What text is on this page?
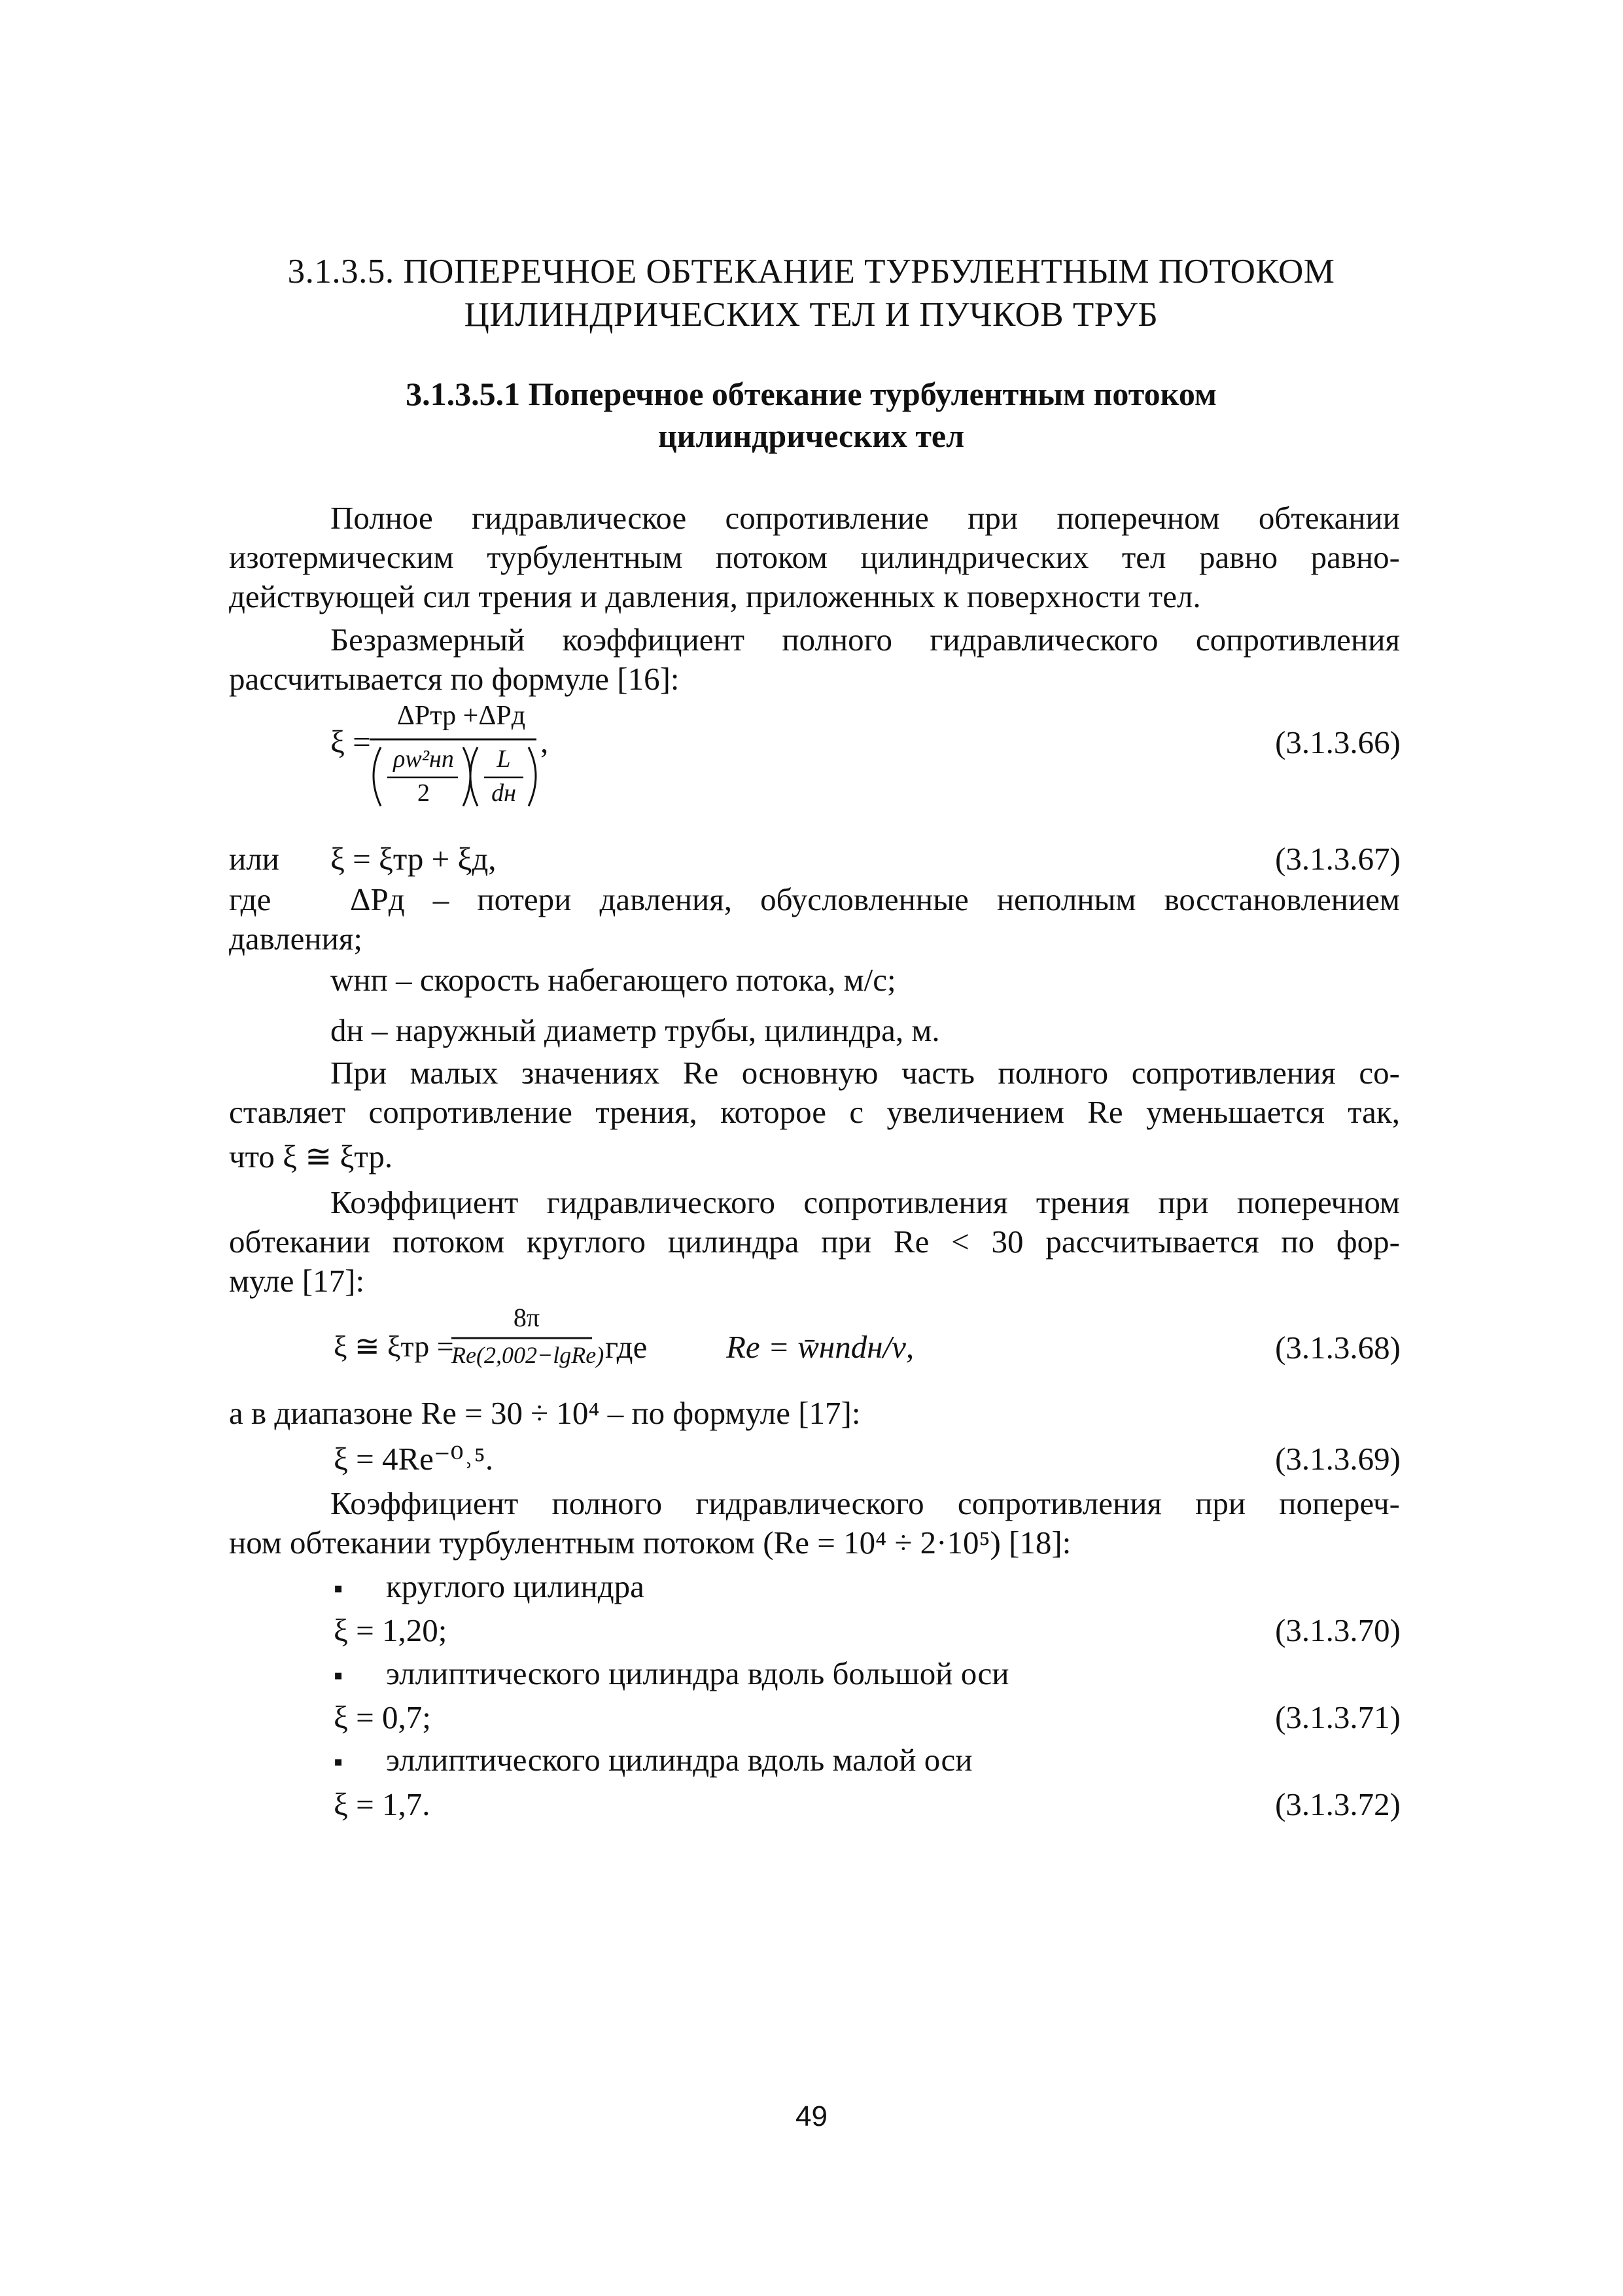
3.1.3.5. ПОПЕРЕЧНОЕ ОБТЕКАНИЕ ТУРБУЛЕНТНЫМ ПОТОКОМ
ЦИЛИНДРИЧЕСКИХ ТЕЛ И ПУЧКОВ ТРУБ
3.1.3.5.1 Поперечное обтекание турбулентным потоком
цилиндрических тел
Полное гидравлическое сопротивление при поперечном обтекании
изотермическим турбулентным потоком цилиндрических тел равно равно-
действующей сил трения и давления, приложенных к поверхности тел.
Безразмерный коэффициент полного гидравлического сопротивления
рассчитывается по формуле [16]:
ξ =
ΔPтр +ΔPд
ρw²нп
2
L
dн
,	(3.1.3.66)
или ξ = ξтр + ξд,	(3.1.3.67)
где ΔPд – потери давления, обусловленные неполным восстановлением
давления;
wнп – скорость набегающего потока, м/с;
dн – наружный диаметр трубы, цилиндра, м.
При малых значениях Re основную часть полного сопротивления со-
ставляет сопротивление трения, которое с увеличением Re уменьшается так,
что ξ ≅ ξтр.
Коэффициент гидравлического сопротивления трения при поперечном
обтекании потоком круглого цилиндра при Re < 30 рассчитывается по фор-
муле [17]:
ξ ≅ ξтр =
8π
Re(2,002−lgRe) где Re = w̄нпdн/ν,	(3.1.3.68)
а в диапазоне Re = 30 ÷ 10⁴ – по формуле [17]:
ξ = 4Re⁻⁰˒⁵.	(3.1.3.69)
Коэффициент полного гидравлического сопротивления при попереч-
ном обтекании турбулентным потоком (Re = 10⁴ ÷ 2·10⁵) [18]:
▪ круглого цилиндра
ξ = 1,20;	(3.1.3.70)
▪ эллиптического цилиндра вдоль большой оси
ξ = 0,7;	(3.1.3.71)
▪ эллиптического цилиндра вдоль малой оси
ξ = 1,7.	(3.1.3.72)
49
